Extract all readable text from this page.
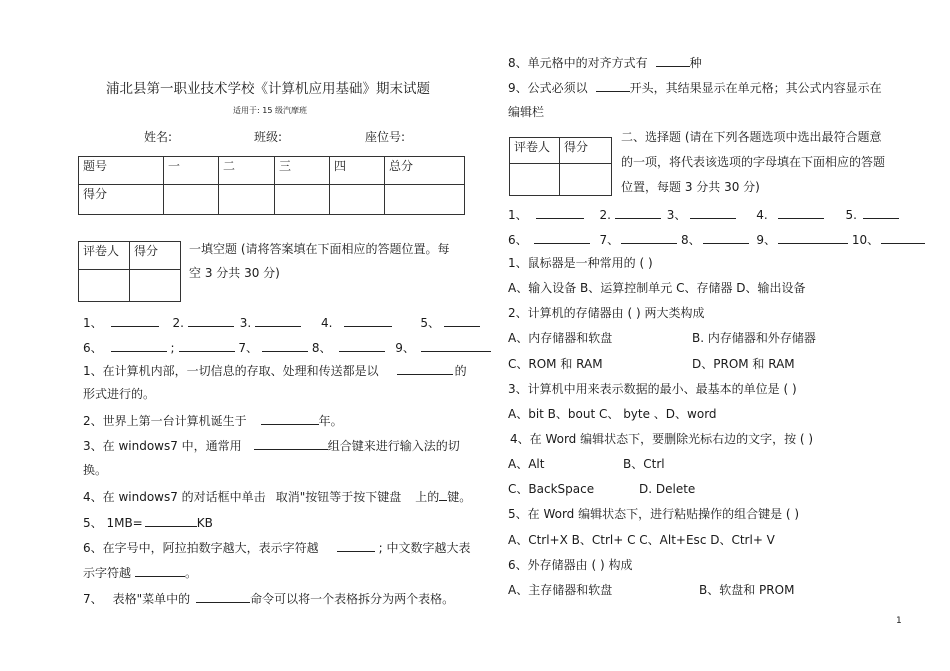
浦北县第一职业技术学校《计算机应用基础》期末试题
适用于: 15 级汽摩班
姓名:	班级:	座位号:
题号	一	二	三	四	总分
得分					
评卷人	得分
		一填空题 (请将答案填在下面相应的答题位置。每
空 3 分共 30 分)
1、	2.	3.	4.	5、
6、	;	7、	8、	9、
1、在计算机内部，一切信息的存取、处理和传送都是以	的
形式进行的。
2、世界上第一台计算机诞生于	年。
3、在 windows7 中，通常用	组合键来进行输入法的切
换。
4、在 windows7 的对话框中单击 取消"按钮等于按下键盘 上的 键。
5、 1MB=	KB
6、在字号中，阿拉拍数字越大，表示字符越	; 中文数字越大表
示字符越	。
7、 表格"菜单中的	命令可以将一个表格拆分为两个表格。
8、单元格中的对齐方式有	种
9、公式必须以	开头，其结果显示在单元格；其公式内容显示在
编辑栏
评卷人	得分

二、选择题 (请在下列各题选项中选出最符合题意
的一项，将代表该选项的字母填在下面相应的答题
位置，每题 3 分共 30 分)
1、	2.	3、	4.	5.
6、	7、	8、	9、	10、
1、鼠标器是一种常用的 ( )
A、输入设备 B、运算控制单元 C、存储器 D、输出设备
2、计算机的存储器由 ( ) 两大类构成
A、内存储器和软盘	B. 内存储器和外存储器
C、ROM 和 RAM	D、PROM 和 RAM
3、计算机中用来表示数据的最小、最基本的单位是 ( )
A、bit B、bout C、 byte 、D、word
4、在 Word 编辑状态下，要删除光标右边的文字，按 ( )
A、Alt	B、Ctrl
C、BackSpace	D. Delete
5、在 Word 编辑状态下，进行粘贴操作的组合键是 ( )
A、Ctrl+X B、Ctrl+ C C、Alt+Esc D、Ctrl+ V
6、外存储器由 ( ) 构成
A、主存储器和软盘	B、软盘和 PROM
1
